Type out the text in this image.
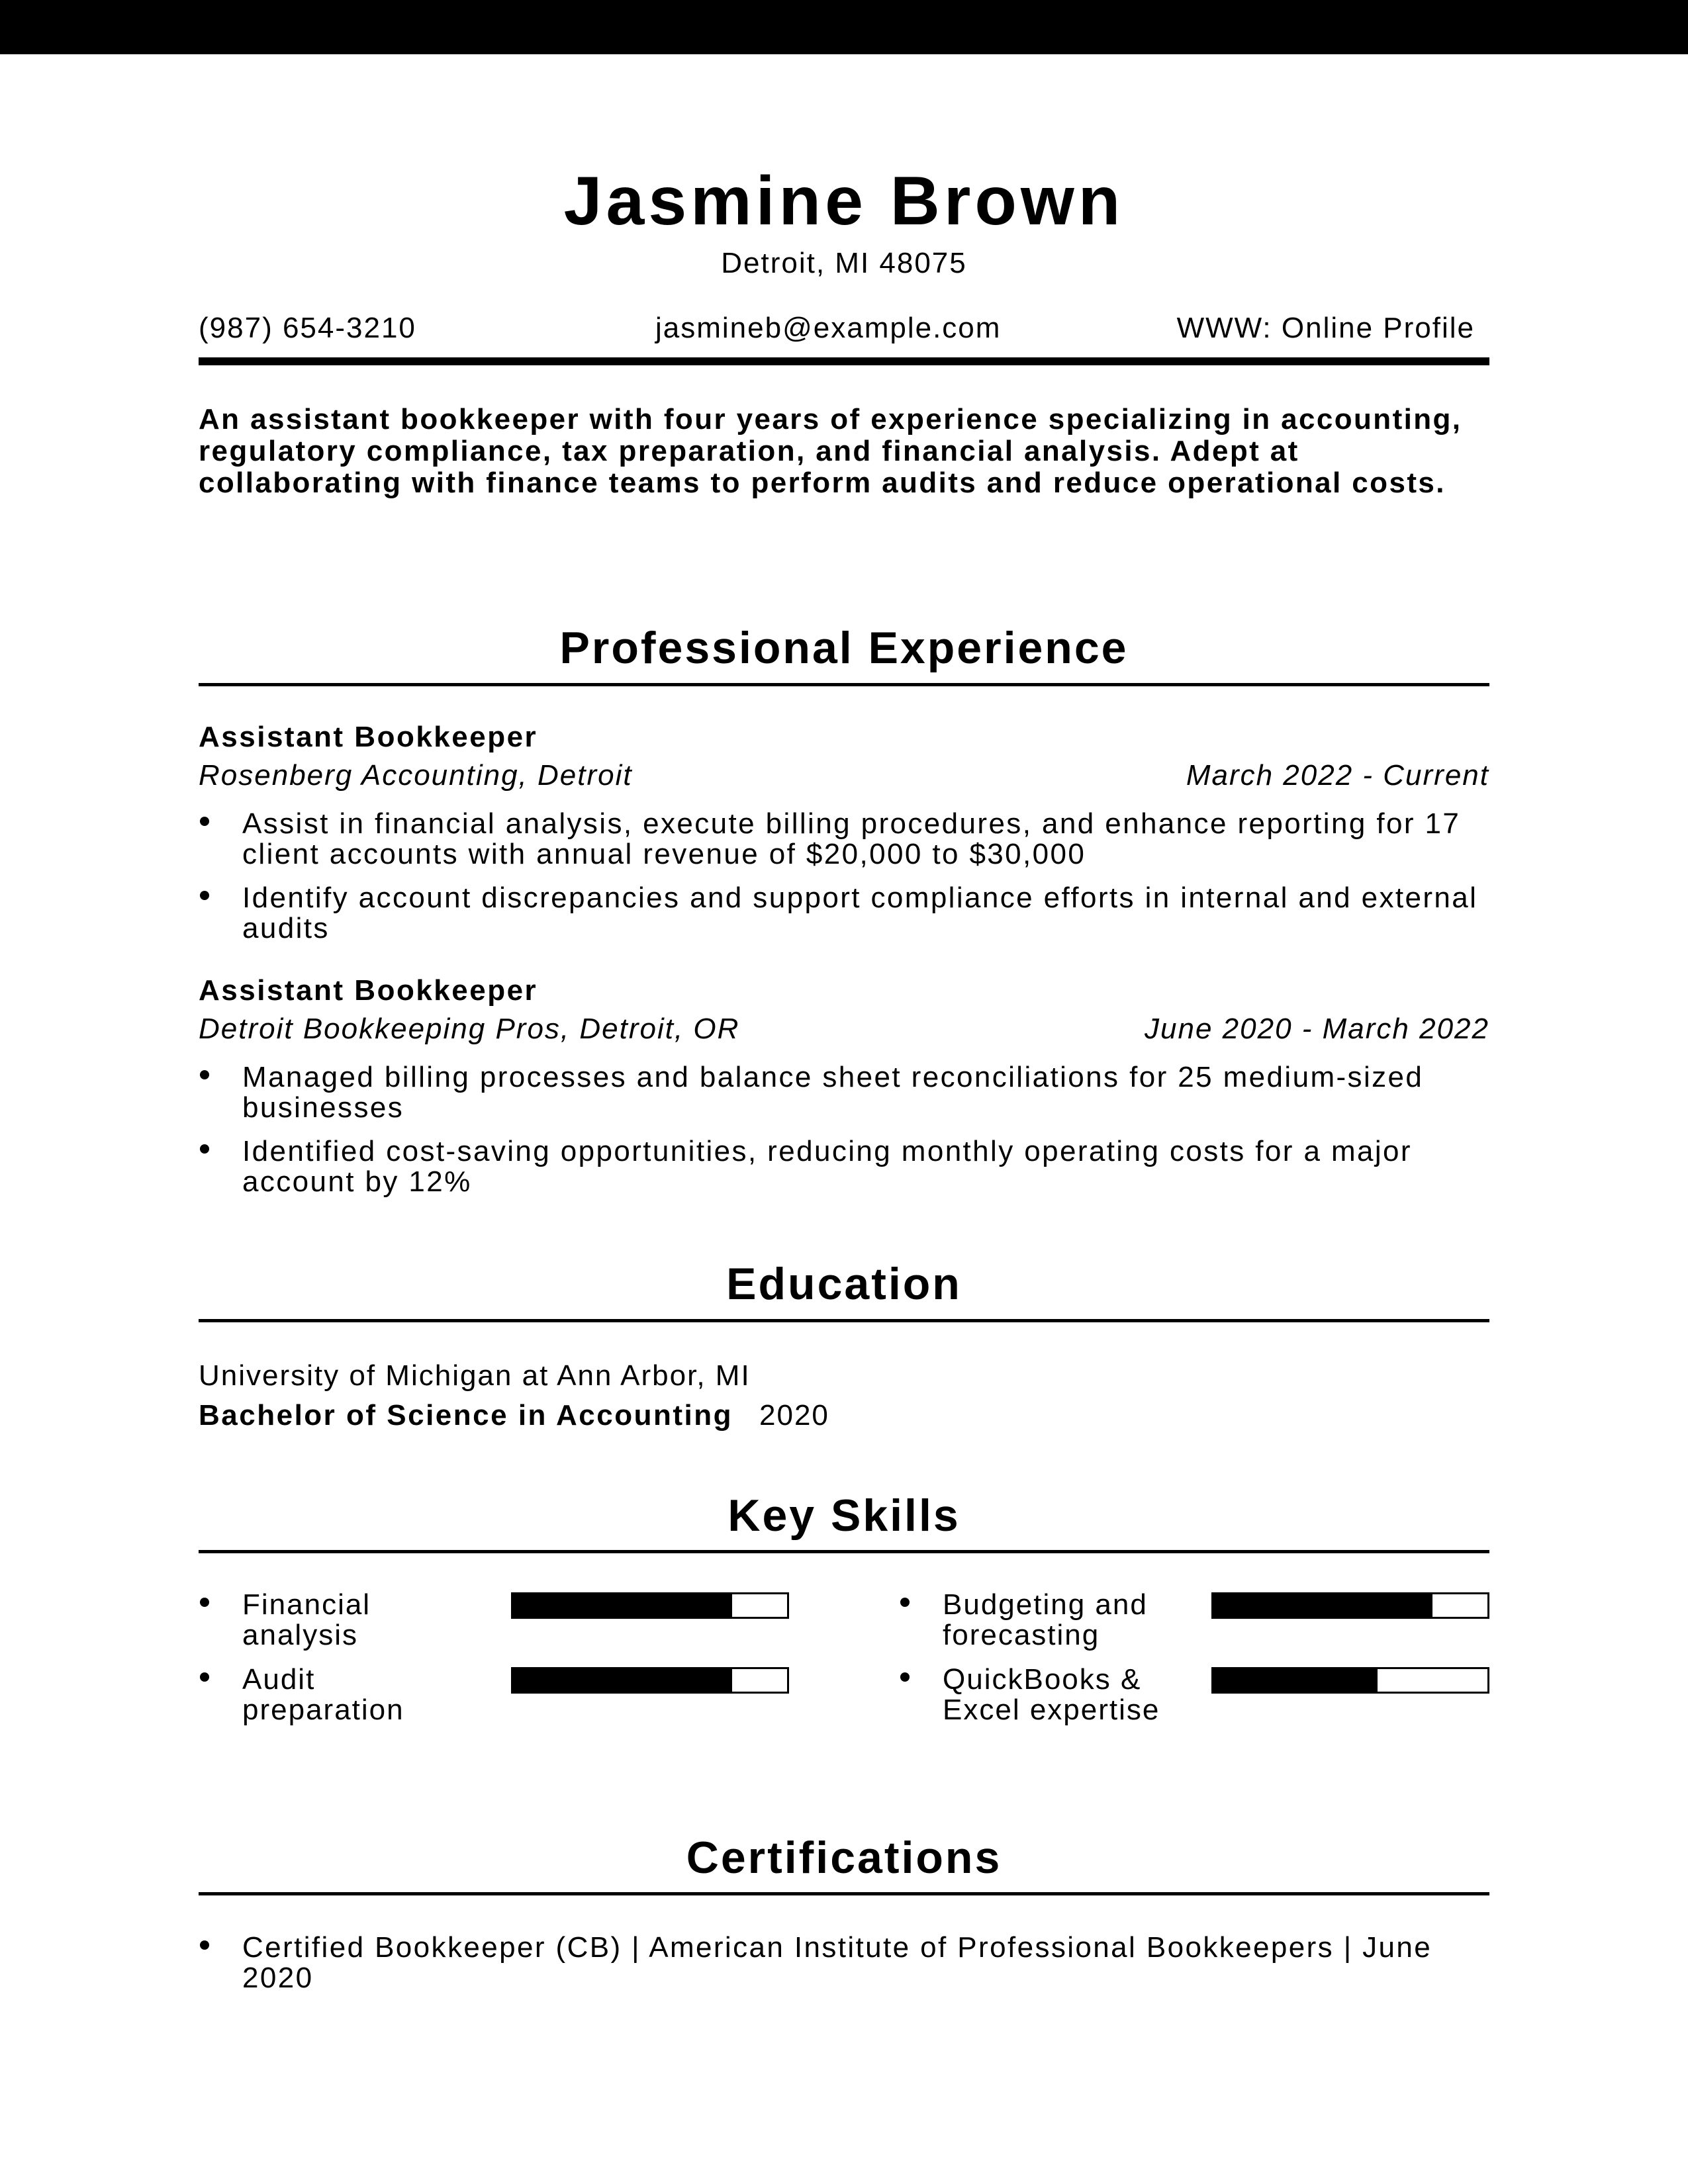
Jasmine Brown
Detroit, MI 48075
(987) 654-3210	jasmineb@example.com	WWW: Online Profile
An assistant bookkeeper with four years of experience specializing in accounting, regulatory compliance, tax preparation, and financial analysis. Adept at collaborating with finance teams to perform audits and reduce operational costs.
Professional Experience
Assistant Bookkeeper
Rosenberg Accounting, Detroit	March 2022 - Current
Assist in financial analysis, execute billing procedures, and enhance reporting for 17 client accounts with annual revenue of $20,000 to $30,000
Identify account discrepancies and support compliance efforts in internal and external audits
Assistant Bookkeeper
Detroit Bookkeeping Pros, Detroit, OR	June 2020 - March 2022
Managed billing processes and balance sheet reconciliations for 25 medium-sized businesses
Identified cost-saving opportunities, reducing monthly operating costs for a major account by 12%
Education
University of Michigan at Ann Arbor, MI
Bachelor of Science in Accounting 2020
Key Skills
Financial analysis
Budgeting and forecasting
Audit preparation
QuickBooks & Excel expertise
Certifications
Certified Bookkeeper (CB) | American Institute of Professional Bookkeepers | June 2020
